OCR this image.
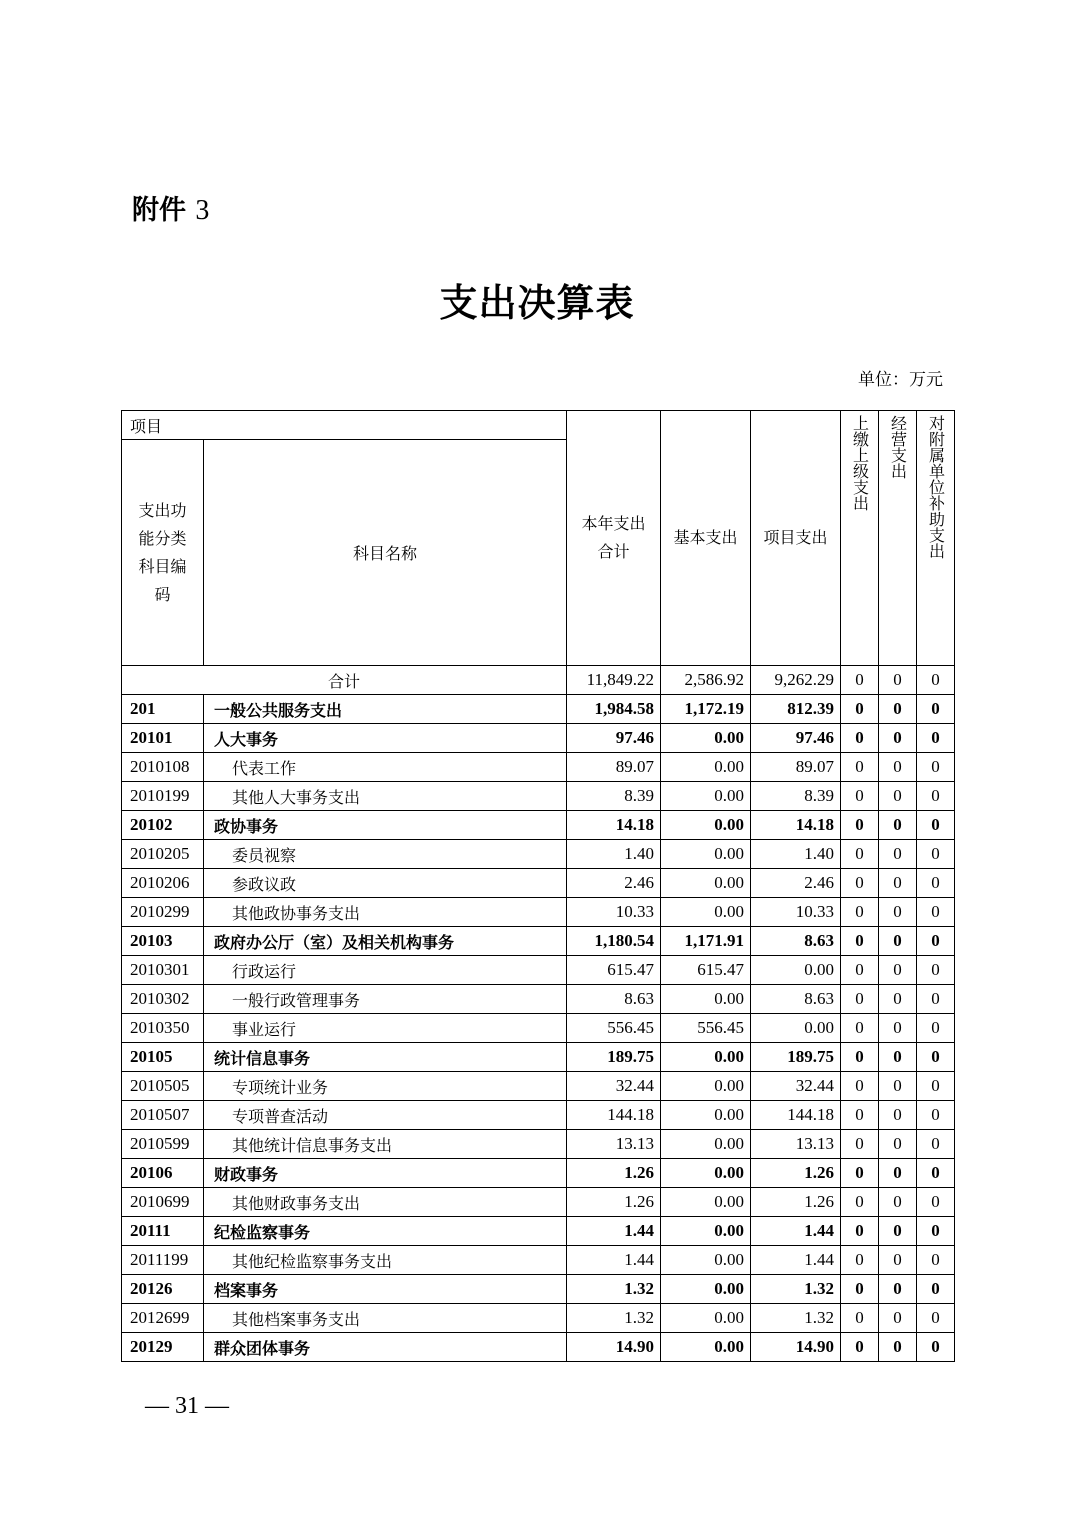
附件 3
支出决算表
单位：万元
项目		本年支出合计	基本支出	项目支出	上缴上级支出	经营支出	对附属单位补助支出

支出功能分类科目编码	科目名称						
合计		11,849.22	2,586.92	9,262.29	0	0	0
201	一般公共服务支出	1,984.58	1,172.19	812.39	0	0	0
20101	人大事务	97.46	0.00	97.46	0	0	0
2010108	代表工作	89.07	0.00	89.07	0	0	0
2010199	其他人大事务支出	8.39	0.00	8.39	0	0	0
20102	政协事务	14.18	0.00	14.18	0	0	0
2010205	委员视察	1.40	0.00	1.40	0	0	0
2010206	参政议政	2.46	0.00	2.46	0	0	0
2010299	其他政协事务支出	10.33	0.00	10.33	0	0	0
20103	政府办公厅（室）及相关机构事务	1,180.54	1,171.91	8.63	0	0	0
2010301	行政运行	615.47	615.47	0.00	0	0	0
2010302	一般行政管理事务	8.63	0.00	8.63	0	0	0
2010350	事业运行	556.45	556.45	0.00	0	0	0
20105	统计信息事务	189.75	0.00	189.75	0	0	0
2010505	专项统计业务	32.44	0.00	32.44	0	0	0
2010507	专项普查活动	144.18	0.00	144.18	0	0	0
2010599	其他统计信息事务支出	13.13	0.00	13.13	0	0	0
20106	财政事务	1.26	0.00	1.26	0	0	0
2010699	其他财政事务支出	1.26	0.00	1.26	0	0	0
20111	纪检监察事务	1.44	0.00	1.44	0	0	0
2011199	其他纪检监察事务支出	1.44	0.00	1.44	0	0	0
20126	档案事务	1.32	0.00	1.32	0	0	0
2012699	其他档案事务支出	1.32	0.00	1.32	0	0	0
20129	群众团体事务	14.90	0.00	14.90	0	0	0
— 31 —
